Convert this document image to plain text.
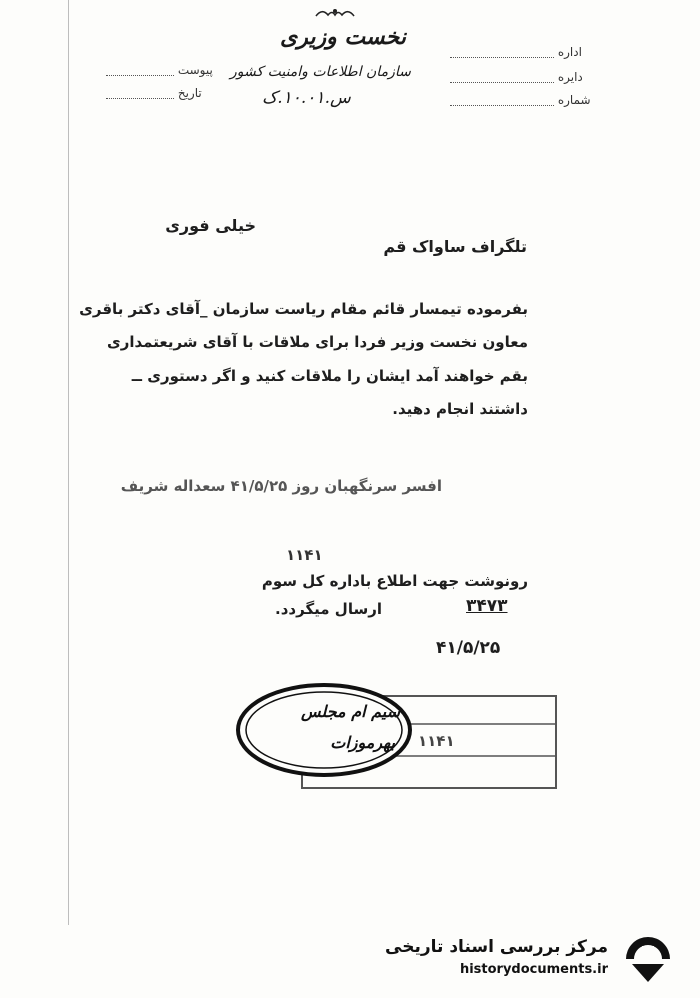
نخست وزیری
سازمان اطلاعات وامنیت کشور
س.۱۰.۰۱.ک
پیوست
تاریخ
اداره
دایره
شماره
خیلی فوری
تلگراف ساواک قم
بفرموده تیمسار قائم مقام ریاست سازمان _آقای دکتر باقری
معاون نخست وزیر فردا برای ملاقات با آقای شریعتمداری
بقم خواهند آمد ایشان را ملاقات کنید و اگر دستوری ــ
داشتند انجام دهید.
افسر سرنگهبان روز ۴۱/۵/۲۵ سعداله شریف
۱۱۴۱
رونوشت جهت اطلاع باداره کل سوم
۳۴۷۳
ارسال میگردد.
۴۱/۵/۲۵
۱۱۴۱
سیم ام مجلس
بهرموزات
مرکز بررسی اسناد تاریخی
historydocuments.ir
